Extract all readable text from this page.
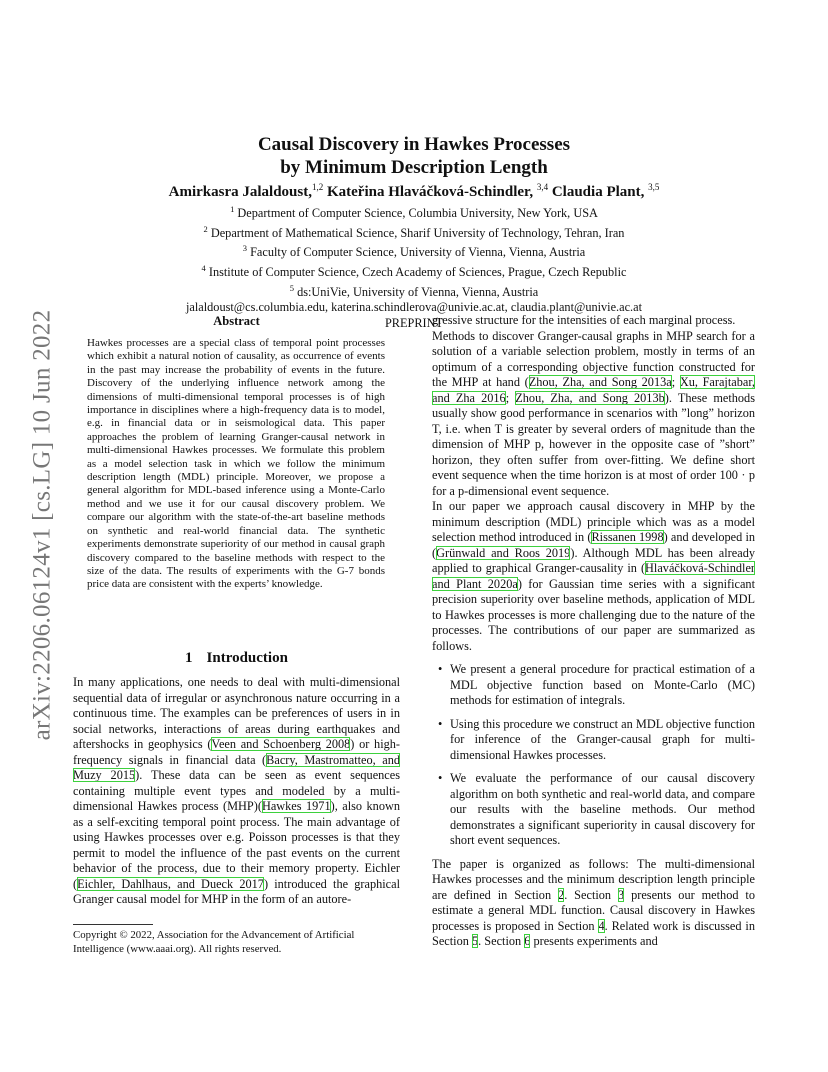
arXiv:2206.06124v1 [cs.LG] 10 Jun 2022
Causal Discovery in Hawkes Processes
by Minimum Description Length
Amirkasra Jalaldoust,$^{1,2}$ Kateřina Hlaváčková-Schindler, $^{3,4}$ Claudia Plant, $^{3,5}$
$^1$ Department of Computer Science, Columbia University, New York, USA
$^2$ Department of Mathematical Science, Sharif University of Technology, Tehran, Iran
$^3$ Faculty of Computer Science, University of Vienna, Vienna, Austria
$^4$ Institute of Computer Science, Czech Academy of Sciences, Prague, Czech Republic
$^5$ ds:UniVie, University of Vienna, Vienna, Austria
jalaldoust@cs.columbia.edu, katerina.schindlerova@univie.ac.at, claudia.plant@univie.ac.at
PREPRINT
Abstract
Hawkes processes are a special class of temporal point processes which exhibit a natural notion of causality, as occurrence of events in the past may increase the probability of events in the future. Discovery of the underlying influence network among the dimensions of multi-dimensional temporal processes is of high importance in disciplines where a high-frequency data is to model, e.g. in financial data or in seismological data. This paper approaches the problem of learning Granger-causal network in multi-dimensional Hawkes processes. We formulate this problem as a model selection task in which we follow the minimum description length (MDL) principle. Moreover, we propose a general algorithm for MDL-based inference using a Monte-Carlo method and we use it for our causal discovery problem. We compare our algorithm with the state-of-the-art baseline methods on synthetic and real-world financial data. The synthetic experiments demonstrate superiority of our method in causal graph discovery compared to the baseline methods with respect to the size of the data. The results of experiments with the G-7 bonds price data are consistent with the experts’ knowledge.
1 Introduction

In many applications, one needs to deal with multi-dimensional sequential data of irregular or asynchronous nature occurring in a continuous time. The examples can be preferences of users in in social networks, interactions of areas during earthquakes and aftershocks in geophysics (Veen and Schoenberg 2008) or high-frequency signals in financial data (Bacry, Mastromatteo, and Muzy 2015). These data can be seen as event sequences containing multiple event types and modeled by a multi-dimensional Hawkes process (MHP)(Hawkes 1971), also known as a self-exciting temporal point process. The main advantage of using Hawkes processes over e.g. Poisson processes is that they permit to model the influence of the past events on the current behavior of the process, due to their memory property. Eichler (Eichler, Dahlhaus, and Dueck 2017) introduced the graphical Granger causal model for MHP in the form of an autore-

Copyright © 2022, Association for the Advancement of Artificial Intelligence (www.aaai.org). All rights reserved.

gressive structure for the intensities of each marginal process.

Methods to discover Granger-causal graphs in MHP search for a solution of a variable selection problem, mostly in terms of an optimum of a corresponding objective function constructed for the MHP at hand (Zhou, Zha, and Song 2013a; Xu, Farajtabar, and Zha 2016; Zhou, Zha, and Song 2013b). These methods usually show good performance in scenarios with ”long” horizon T, i.e. when T is greater by several orders of magnitude than the dimension of MHP p, however in the opposite case of ”short” horizon, they often suffer from over-fitting. We define short event sequence when the time horizon is at most of order 100 · p for a p-dimensional event sequence.

In our paper we approach causal discovery in MHP by the minimum description (MDL) principle which was as a model selection method introduced in (Rissanen 1998) and developed in (Grünwald and Roos 2019). Although MDL has been already applied to graphical Granger-causality in (Hlaváčková-Schindler and Plant 2020a) for Gaussian time series with a significant precision superiority over baseline methods, application of MDL to Hawkes processes is more challenging due to the nature of the processes. The contributions of our paper are summarized as follows.

• We present a general procedure for practical estimation of a MDL objective function based on Monte-Carlo (MC) methods for estimation of integrals.
• Using this procedure we construct an MDL objective function for inference of the Granger-causal graph for multi-dimensional Hawkes processes.
• We evaluate the performance of our causal discovery algorithm on both synthetic and real-world data, and compare our results with the baseline methods. Our method demonstrates a significant superiority in causal discovery for short event sequences.

The paper is organized as follows: The multi-dimensional Hawkes processes and the minimum description length principle are defined in Section 2. Section 3 presents our method to estimate a general MDL function. Causal discovery in Hawkes processes is proposed in Section 4. Related work is discussed in Section 5. Section 6 presents experiments and
